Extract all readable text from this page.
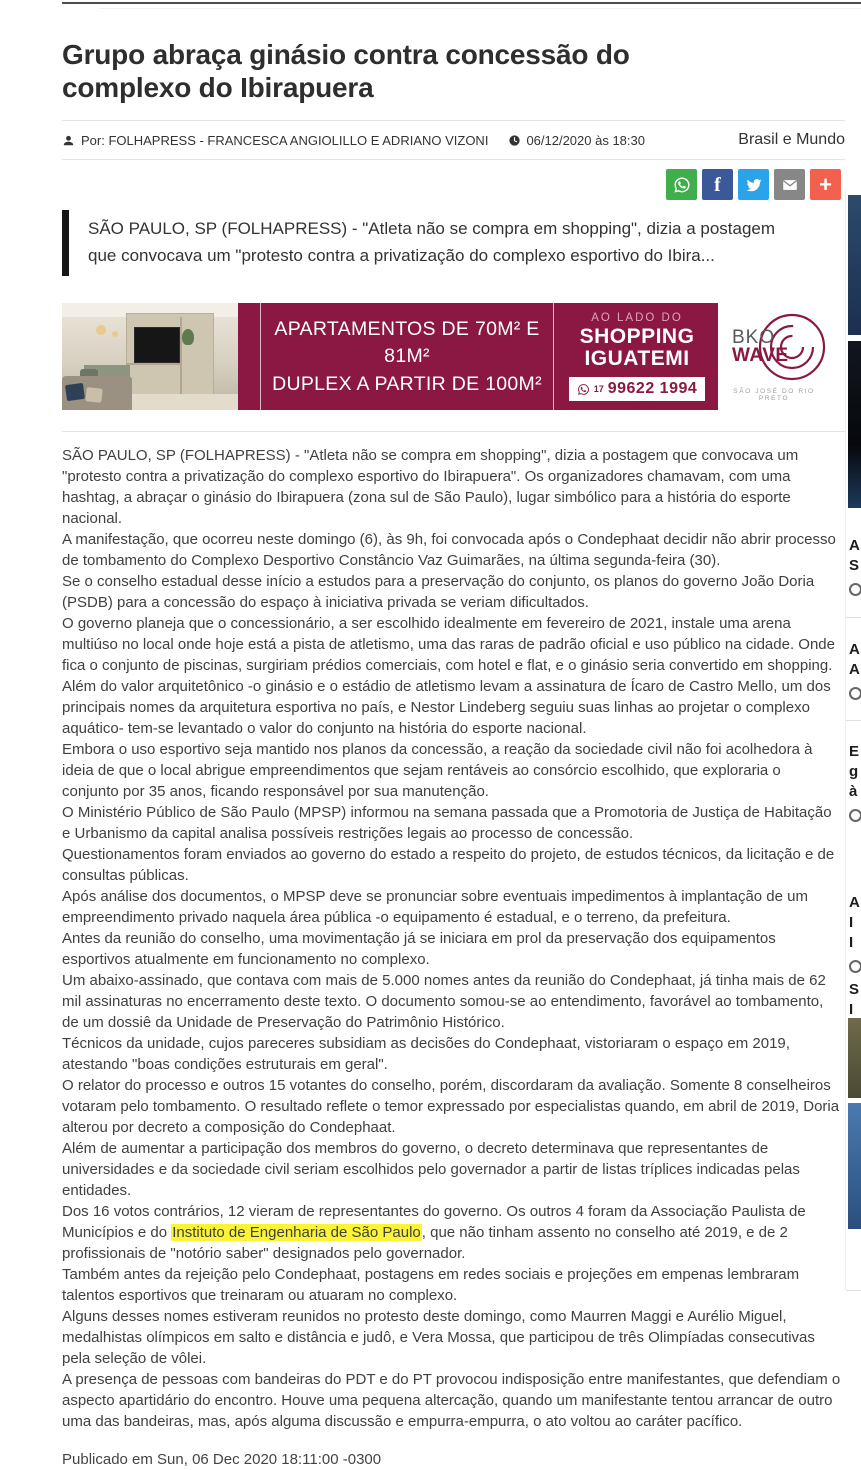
Grupo abraça ginásio contra concessão do complexo do Ibirapuera
Por: FOLHAPRESS - FRANCESCA ANGIOLILLO E ADRIANO VIZONI	06/12/2020 às 18:30	Brasil e Mundo
f	+
SÃO PAULO, SP (FOLHAPRESS) - "Atleta não se compra em shopping", dizia a postagem que convocava um "protesto contra a privatização do complexo esportivo do Ibira...
APARTAMENTOS DE 70M² E 81M²
DUPLEX A PARTIR DE 100M²
AO LADO DO
SHOPPING
IGUATEMI
17 99622 1994
BKO
WAVE
SÃO JOSÉ DO RIO PRETO

SÃO PAULO, SP (FOLHAPRESS) - "Atleta não se compra em shopping", dizia a postagem que convocava um "protesto contra a privatização do complexo esportivo do Ibirapuera". Os organizadores chamavam, com uma hashtag, a abraçar o ginásio do Ibirapuera (zona sul de São Paulo), lugar simbólico para a história do esporte nacional.

A manifestação, que ocorreu neste domingo (6), às 9h, foi convocada após o Condephaat decidir não abrir processo de tombamento do Complexo Desportivo Constâncio Vaz Guimarães, na última segunda-feira (30).

Se o conselho estadual desse início a estudos para a preservação do conjunto, os planos do governo João Doria (PSDB) para a concessão do espaço à iniciativa privada se veriam dificultados.

O governo planeja que o concessionário, a ser escolhido idealmente em fevereiro de 2021, instale uma arena multiúso no local onde hoje está a pista de atletismo, uma das raras de padrão oficial e uso público na cidade. Onde fica o conjunto de piscinas, surgiriam prédios comerciais, com hotel e flat, e o ginásio seria convertido em shopping.

Além do valor arquitetônico -o ginásio e o estádio de atletismo levam a assinatura de Ícaro de Castro Mello, um dos principais nomes da arquitetura esportiva no país, e Nestor Lindeberg seguiu suas linhas ao projetar o complexo aquático- tem-se levantado o valor do conjunto na história do esporte nacional.

Embora o uso esportivo seja mantido nos planos da concessão, a reação da sociedade civil não foi acolhedora à ideia de que o local abrigue empreendimentos que sejam rentáveis ao consórcio escolhido, que exploraria o conjunto por 35 anos, ficando responsável por sua manutenção.

O Ministério Público de São Paulo (MPSP) informou na semana passada que a Promotoria de Justiça de Habitação e Urbanismo da capital analisa possíveis restrições legais ao processo de concessão.

Questionamentos foram enviados ao governo do estado a respeito do projeto, de estudos técnicos, da licitação e de consultas públicas.

Após análise dos documentos, o MPSP deve se pronunciar sobre eventuais impedimentos à implantação de um empreendimento privado naquela área pública -o equipamento é estadual, e o terreno, da prefeitura.

Antes da reunião do conselho, uma movimentação já se iniciara em prol da preservação dos equipamentos esportivos atualmente em funcionamento no complexo.

Um abaixo-assinado, que contava com mais de 5.000 nomes antes da reunião do Condephaat, já tinha mais de 62 mil assinaturas no encerramento deste texto. O documento somou-se ao entendimento, favorável ao tombamento, de um dossiê da Unidade de Preservação do Patrimônio Histórico.

Técnicos da unidade, cujos pareceres subsidiam as decisões do Condephaat, vistoriaram o espaço em 2019, atestando "boas condições estruturais em geral".

O relator do processo e outros 15 votantes do conselho, porém, discordaram da avaliação. Somente 8 conselheiros votaram pelo tombamento. O resultado reflete o temor expressado por especialistas quando, em abril de 2019, Doria alterou por decreto a composição do Condephaat.

Além de aumentar a participação dos membros do governo, o decreto determinava que representantes de universidades e da sociedade civil seriam escolhidos pelo governador a partir de listas tríplices indicadas pelas entidades.

Dos 16 votos contrários, 12 vieram de representantes do governo. Os outros 4 foram da Associação Paulista de Municípios e do Instituto de Engenharia de São Paulo, que não tinham assento no conselho até 2019, e de 2 profissionais de "notório saber" designados pelo governador.

Também antes da rejeição pelo Condephaat, postagens em redes sociais e projeções em empenas lembraram talentos esportivos que treinaram ou atuaram no complexo.

Alguns desses nomes estiveram reunidos no protesto deste domingo, como Maurren Maggi e Aurélio Miguel, medalhistas olímpicos em salto e distância e judô, e Vera Mossa, que participou de três Olimpíadas consecutivas pela seleção de vôlei.

A presença de pessoas com bandeiras do PDT e do PT provocou indisposição entre manifestantes, que defendiam o aspecto apartidário do encontro. Houve uma pequena altercação, quando um manifestante tentou arrancar de outro uma das bandeiras, mas, após alguma discussão e empurra-empurra, o ato voltou ao caráter pacífico.

Publicado em Sun, 06 Dec 2020 18:11:00 -0300

A
S
A
A
E
g
à
A
I
I
S
I
